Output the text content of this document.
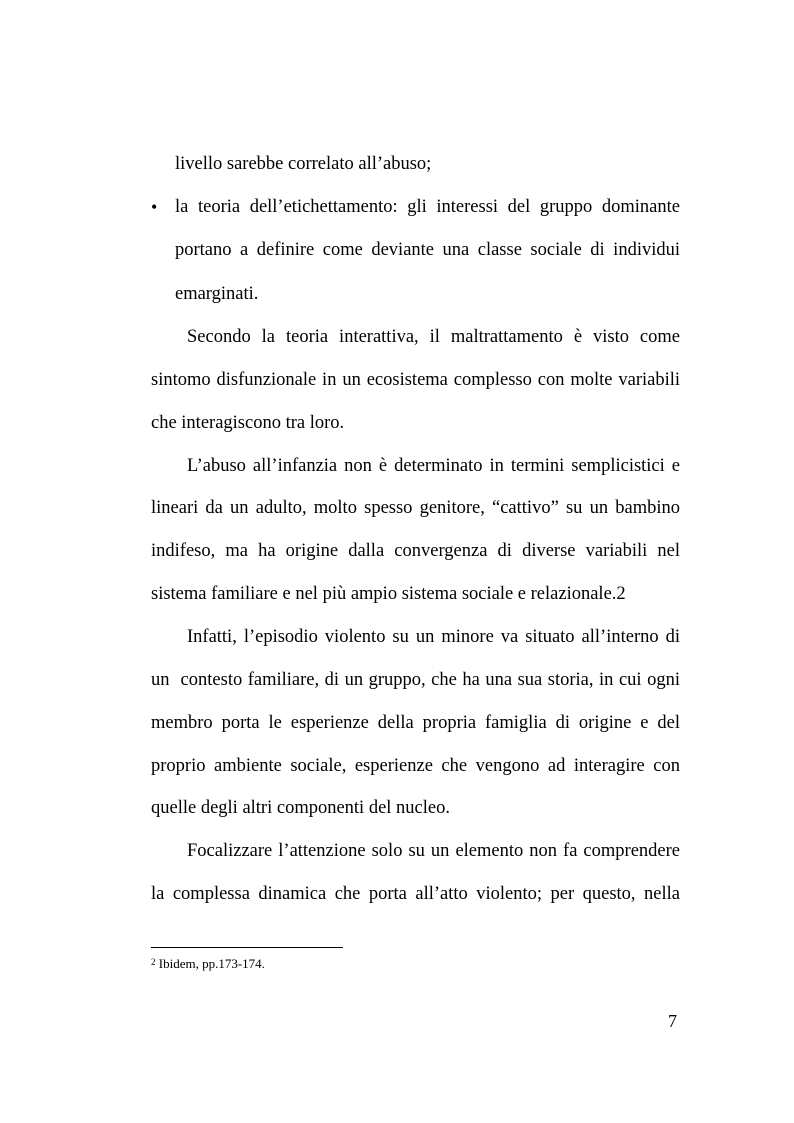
livello sarebbe correlato all’abuso;

• la teoria dell’etichettamento: gli interessi del gruppo dominante

portano a definire come deviante una classe sociale di individui

emarginati.

Secondo la teoria interattiva, il maltrattamento è visto come

sintomo disfunzionale in un ecosistema complesso con molte variabili

che interagiscono tra loro.

L’abuso all’infanzia non è determinato in termini semplicistici e

lineari da un adulto, molto spesso genitore, “cattivo” su un bambino

indifeso, ma ha origine dalla convergenza di diverse variabili nel

sistema familiare e nel più ampio sistema sociale e relazionale.2

Infatti, l’episodio violento su un minore va situato all’interno di

un  contesto familiare, di un gruppo, che ha una sua storia, in cui ogni

membro porta le esperienze della propria famiglia di origine e del

proprio ambiente sociale, esperienze che vengono ad interagire con

quelle degli altri componenti del nucleo.

Focalizzare l’attenzione solo su un elemento non fa comprendere

la complessa dinamica che porta all’atto violento; per questo, nella

$^2$ Ibidem, pp.173-174.
7
